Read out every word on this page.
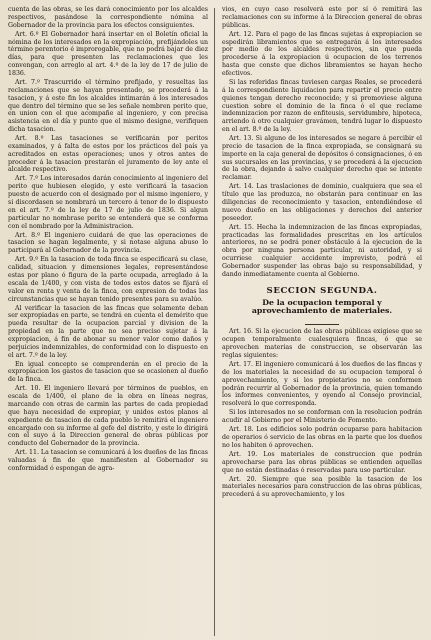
cuenta de las obras, se les dará conocimiento por los alcaldes respectivos, pasándose la correspondiente nómina al Gobernador de la provincia para los efectos consiguientes.

Art. 6.º El Gobernador hará insertar en el Boletín oficial la nómina de los interesados en la expropiación, prefijándoles un término perentorio é improrogable, que no podrá bajar de diez días, para que presenten las reclamaciones que les convengan, con arreglo al art. 4.º de la ley de 17 de julio de 1836.

Art. 7.º Trascurrido el término prefijado, y resueltas las reclamaciones que se hayan presentado, se procederá á la tasacion, y á este fin los alcaldes intimarán á los interesados que dentro del término que se les señale nombren perito que, en union con el que acompañe al ingeniero, y con precisa asistencia en el día y punto que el mismo designe, verifiquen dicha tasacion.

Art. 8.º Las tasaciones se verificarán por peritos examinados, y á falta de estos por los prácticos del país ya acreditados en estas operaciones; unos y otros antes de proceder á la tasacion prestarán el juramento de ley ante el alcalde respectivo.

Art. 7.º Los interesados darán conocimiento al ingeniero del perito que hubiesen elegido, y este verificará la tasacion puesto de acuerdo con el designado por el mismo ingeniero, y si discordasen se nombrará un tercero á tenor de lo dispuesto en el art. 7.º de la ley de 17 de julio de 1836. Si algun particular no nombrase perito se entenderá que se conforma con el nombrado por la Administracion.

Art. 8.º El ingeniero cuidará de que las operaciones de tasacion se hagan legalmente, y si notase alguna abuso lo participará al Gobernador de la provincia.

Art. 9.º En la tasacion de toda finca se especificará su clase, calidad, situacion y dimensiones legales, representándose estas por plano ó figura de la parte ocupada, arreglado á la escala de 1/400, y con vista de todos estos datos se fijará el valor en renta y venta de la finca, con expresion de todas las circunstancias que se hayan tenido presentes para su avalúo.

Al verificar la tasacion de las fincas que solamente deban ser expropiadas en parte, se tendrá en cuenta el demérito que pueda resultar de la ocupacion parcial y division de la propiedad en la parte que no sea preciso sujetar á la expropiacion, á fin de abonar su menor valor como daños y perjuicios indemnizables, de conformidad con lo dispuesto en el art. 7.º de la ley.

En igual concepto se comprenderán en el precio de la expropiacion los gastos de tasacion que se ocasionen al dueño de la finca.

Art. 10. El ingeniero llevará por términos de pueblos, en escala de 1/400, el plano de la obra en líneas negras, marcando con otras de carmin las partes de cada propiedad que haya necesidad de expropiar, y unidos estos planos al expediente de tasacion de cada pueblo lo remitirá el ingeniero encargado con su informe al gefe del distrito, y este lo dirigirá con el suyo á la Direccion general de obras públicas por conducto del Gobernador de la provincia.

Art. 11. La tasacion se comunicará á los dueños de las fincas valuadas á fin de que manifiesten al Gobernador su conformidad ó espongan de agra-

vios, en cuyo caso resolverá este por sí ó remitirá las reclamaciones con su informe á la Direccion general de obras públicas.

Art. 12. Para el pago de las fincas sujetas á expropiacion se espedirán libramientos que se entregarán á los interesados por medio de los alcaldes respectivos, sin que pueda procederse á la expropiacion ú ocupacion de los terrenos hasta que conste que dichos libramientos se hayan hecho efectivos.

Si las referidas fincas tuviesen cargas Reales, se procederá á la correspondiente liquidacion para repartir el precio entre quienes tengan derecho reconocido; y si promoviese alguna cuestion sobre el dominio de la finca ó el que reclame indemnizacion por razon de enfiteusis, servidumbre, hipoteca, arriendo ú otro cualquier gravámen, tendrá lugar lo dispuesto en el art. 8.º de la ley.

Art. 13. Si alguno de los interesados se negare á percibir el precio de tasacion de la finca expropiada, se consignará su importe en la caja general de depósitos ó consignaciones, ó en sus sucursales en las provincias, y se procederá á la ejecucion de la obra, dejando á salvo cualquier derecho que se intente reclamar.

Art. 14. Las traslaciones de dominio, cualquiera que sea el título que las produzca, no obstarán para continuar en las diligencias de reconocimiento y tasacion, entendiéndose el nuevo dueño en las obligaciones y derechos del anterior poseedor.

Art. 15. Hecha la indemnizacion de las fincas expropiadas, practicadas las formalidades prescritas en los artículos anteriores, no se podrá poner obstáculo á la ejecucion de la obra por ninguna persona particular, ni autoridad, y si ocurriese cualquier accidente imprevisto, podrá el Gobernador suspender las obras bajo su responsabilidad, y dando inmediatamente cuenta al Gobierno.

SECCION SEGUNDA.
De la ocupacion temporal y aprovechamiento de materiales.

Art. 16. Si la ejecucion de las obras públicas exigiese que se ocupen temporalmente cualesquiera fincas, ó que se aprovechen materias de construccion, se observarán las reglas siguientes:

Art. 17. El ingeniero comunicará á los dueños de las fincas y de los materiales la necesidad de su ocupacion temporal ó aprovechamiento, y si los propietarios no se conformen podrán recurrir al Gobernador de la provincia, quien tomando los informes convenientes, y oyendo al Consejo provincial, resolverá lo que corresponda.

Si los interesados no se conforman con la resolucion podrán acudir al Gobierno por el Ministerio de Fomento.

Art. 18. Los edificios solo podrán ocuparse para habitacion de operarios ó servicio de las obras en la parte que los dueños no los habiten ó aprovechen.

Art. 19. Los materiales de construccion que podrán aprovecharse para las obras públicas se entienden aquellas que no están destinadas ó reservadas para uso particular.

Art. 20. Siempre que sea posible la tasacion de los materiales necesarios para construccion de las obras públicas, precederá á su aprovechamiento, y los
